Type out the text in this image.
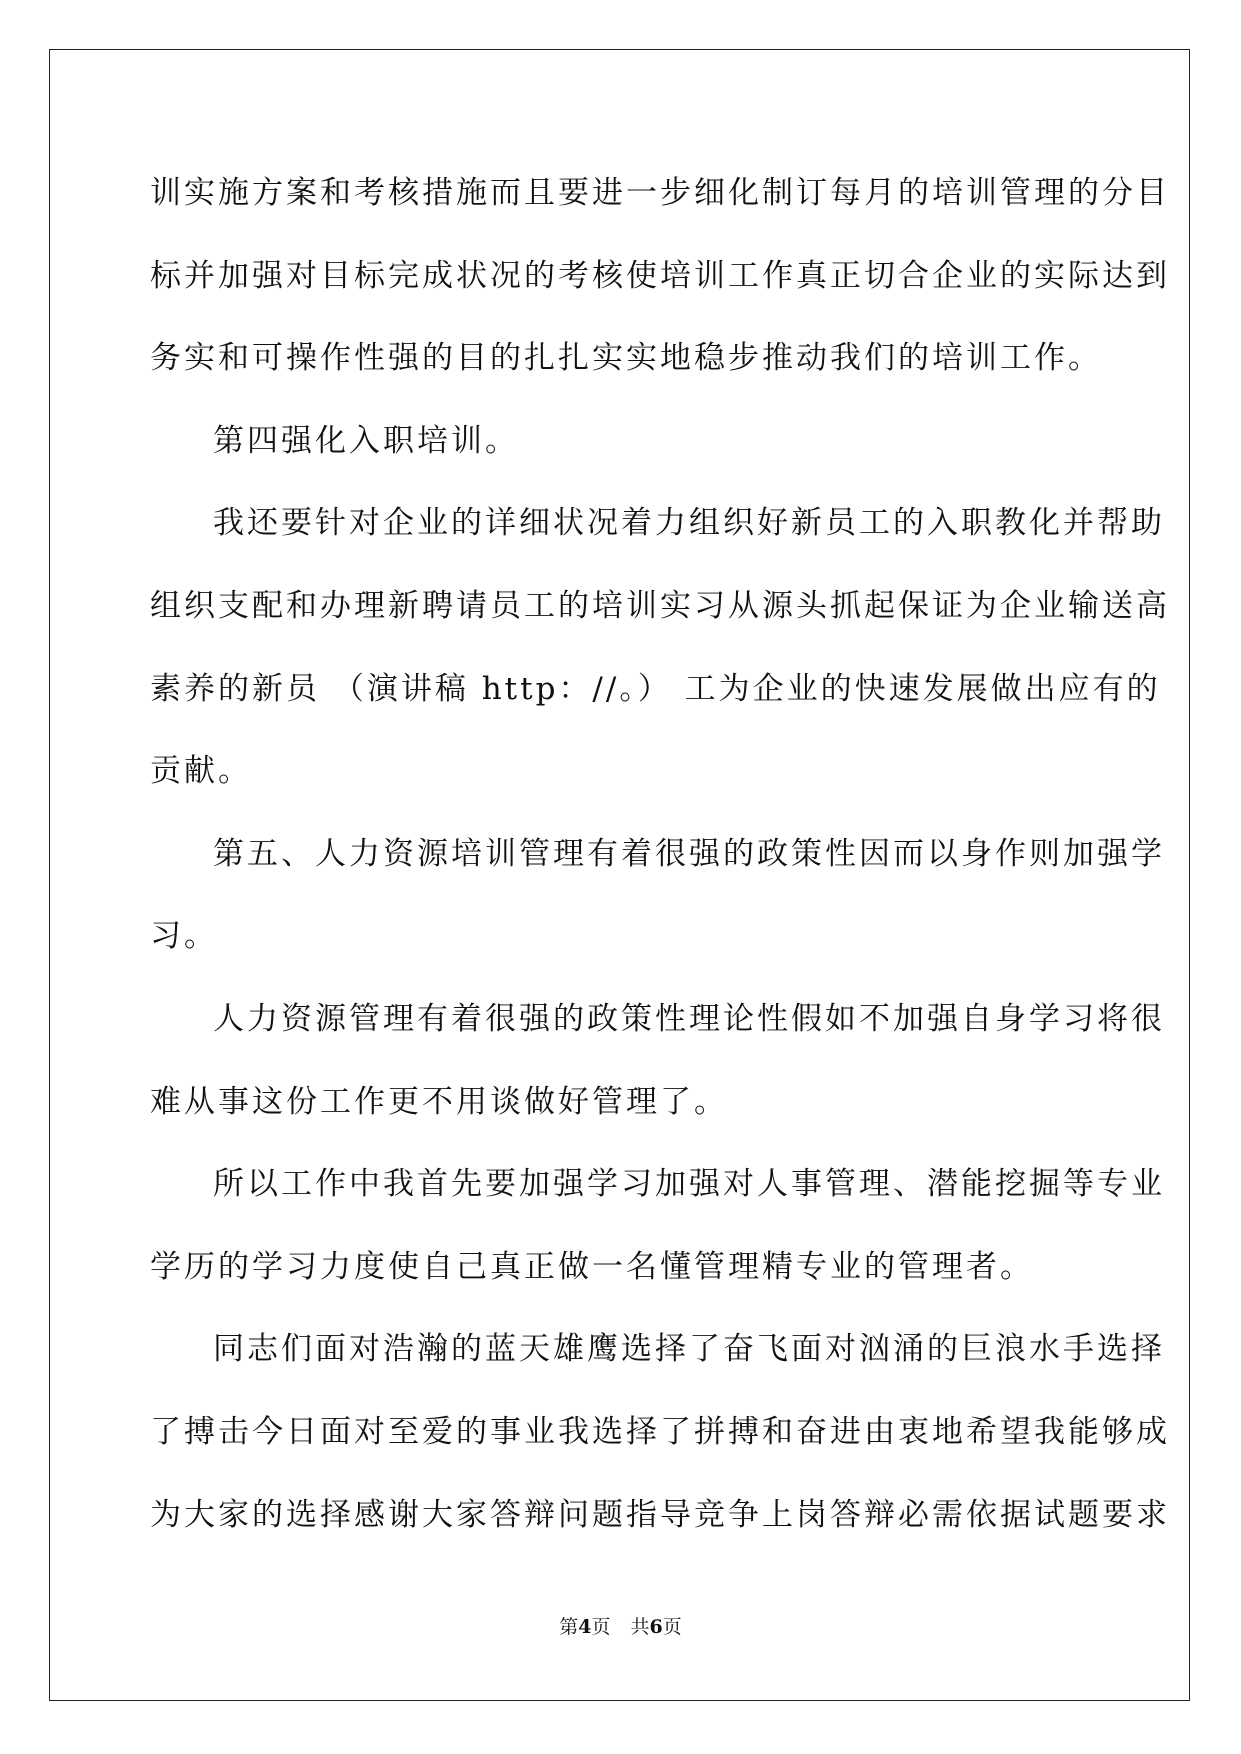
训实施方案和考核措施而且要进一步细化制订每月的培训管理的分目
标并加强对目标完成状况的考核使培训工作真正切合企业的实际达到
务实和可操作性强的目的扎扎实实地稳步推动我们的培训工作。
第四强化入职培训。
我还要针对企业的详细状况着力组织好新员工的入职教化并帮助
组织支配和办理新聘请员工的培训实习从源头抓起保证为企业输送高
素养的新员 （演讲稿 http：//。） 工为企业的快速发展做出应有的
贡献。
第五、人力资源培训管理有着很强的政策性因而以身作则加强学
习。
人力资源管理有着很强的政策性理论性假如不加强自身学习将很
难从事这份工作更不用谈做好管理了。
所以工作中我首先要加强学习加强对人事管理、潜能挖掘等专业
学历的学习力度使自己真正做一名懂管理精专业的管理者。
同志们面对浩瀚的蓝天雄鹰选择了奋飞面对汹涌的巨浪水手选择
了搏击今日面对至爱的事业我选择了拼搏和奋进由衷地希望我能够成
为大家的选择感谢大家答辩问题指导竞争上岗答辩必需依据试题要求
第4页 共6页
